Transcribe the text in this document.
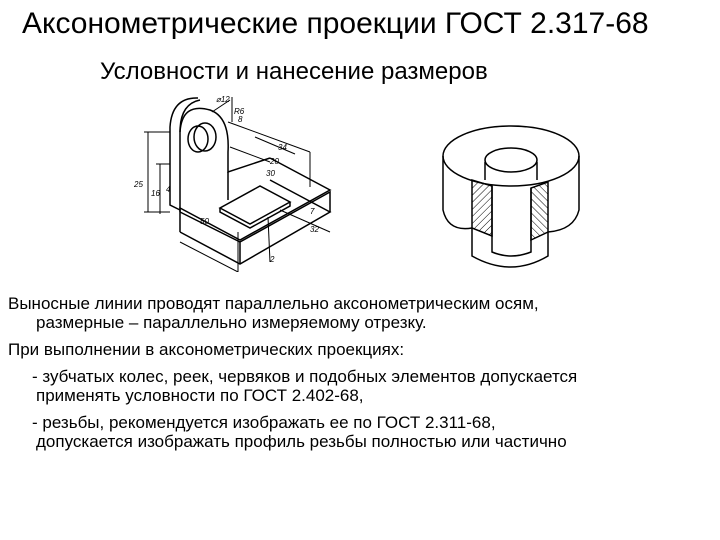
Аксонометрические проекции ГОСТ 2.317-68
Условности и нанесение размеров
⌀12
R6
8
34
20
30
25
16 4
50
7
32
2

Выносные линии проводят параллельно аксонометрическим осям,
размерные – параллельно измеряемому отрезку.

При выполнении в аксонометрических проекциях:

- зубчатых колес, реек, червяков и подобных элементов допускается
применять условности по ГОСТ 2.402-68,

- резьбы, рекомендуется изображать ее по ГОСТ 2.311-68,
допускается изображать профиль резьбы полностью или частично
